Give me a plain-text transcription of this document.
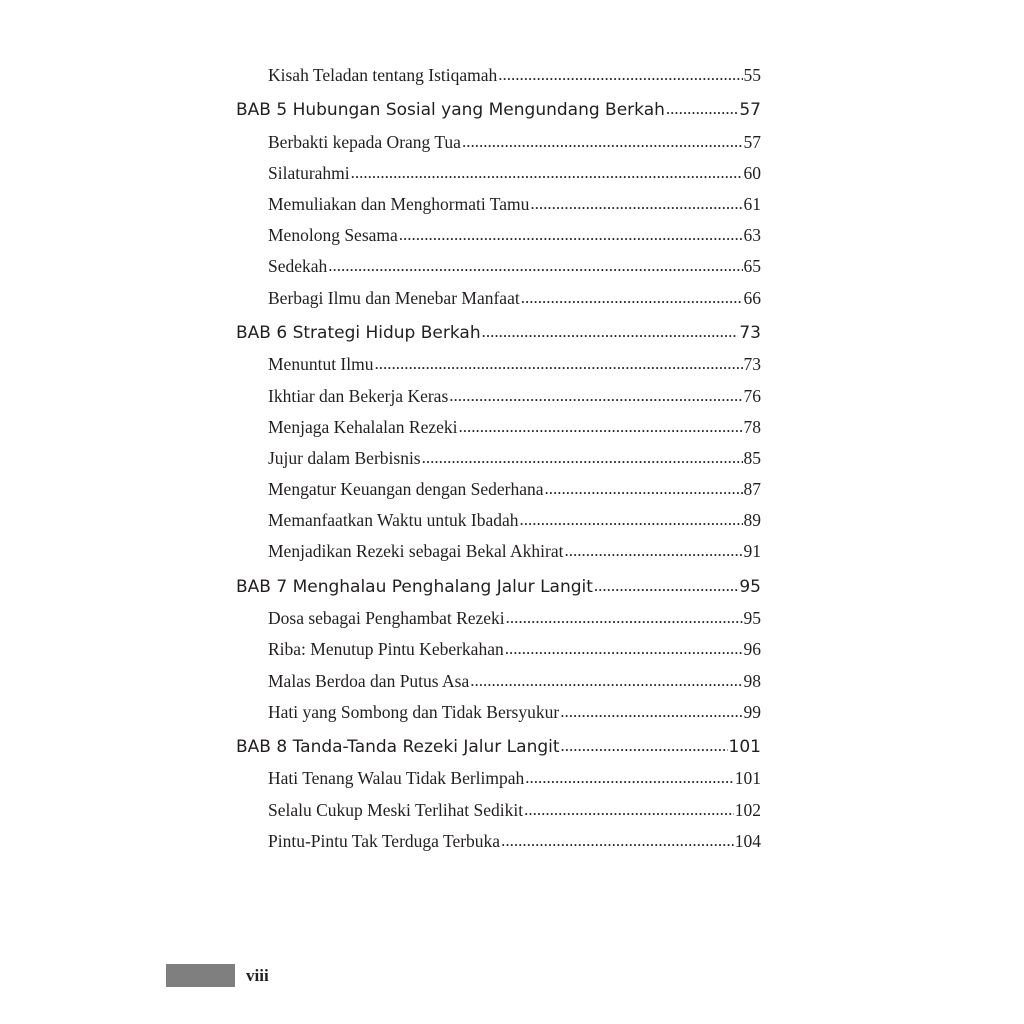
Kisah Teladan tentang Istiqamah .....	55
BAB 5 Hubungan Sosial yang Mengundang Berkah .....	57
Berbakti kepada Orang Tua .....	57
Silaturahmi .....	60
Memuliakan dan Menghormati Tamu .....	61
Menolong Sesama .....	63
Sedekah .....	65
Berbagi Ilmu dan Menebar Manfaat .....	66
BAB 6 Strategi Hidup Berkah .....	73
Menuntut Ilmu .....	73
Ikhtiar dan Bekerja Keras .....	76
Menjaga Kehalalan Rezeki .....	78
Jujur dalam Berbisnis .....	85
Mengatur Keuangan dengan Sederhana .....	87
Memanfaatkan Waktu untuk Ibadah .....	89
Menjadikan Rezeki sebagai Bekal Akhirat .....	91
BAB 7 Menghalau Penghalang Jalur Langit .....	95
Dosa sebagai Penghambat Rezeki .....	95
Riba: Menutup Pintu Keberkahan .....	96
Malas Berdoa dan Putus Asa .....	98
Hati yang Sombong dan Tidak Bersyukur .....	99
BAB 8 Tanda-Tanda Rezeki Jalur Langit .....	101
Hati Tenang Walau Tidak Berlimpah .....	101
Selalu Cukup Meski Terlihat Sedikit .....	102
Pintu-Pintu Tak Terduga Terbuka .....	104
viii
